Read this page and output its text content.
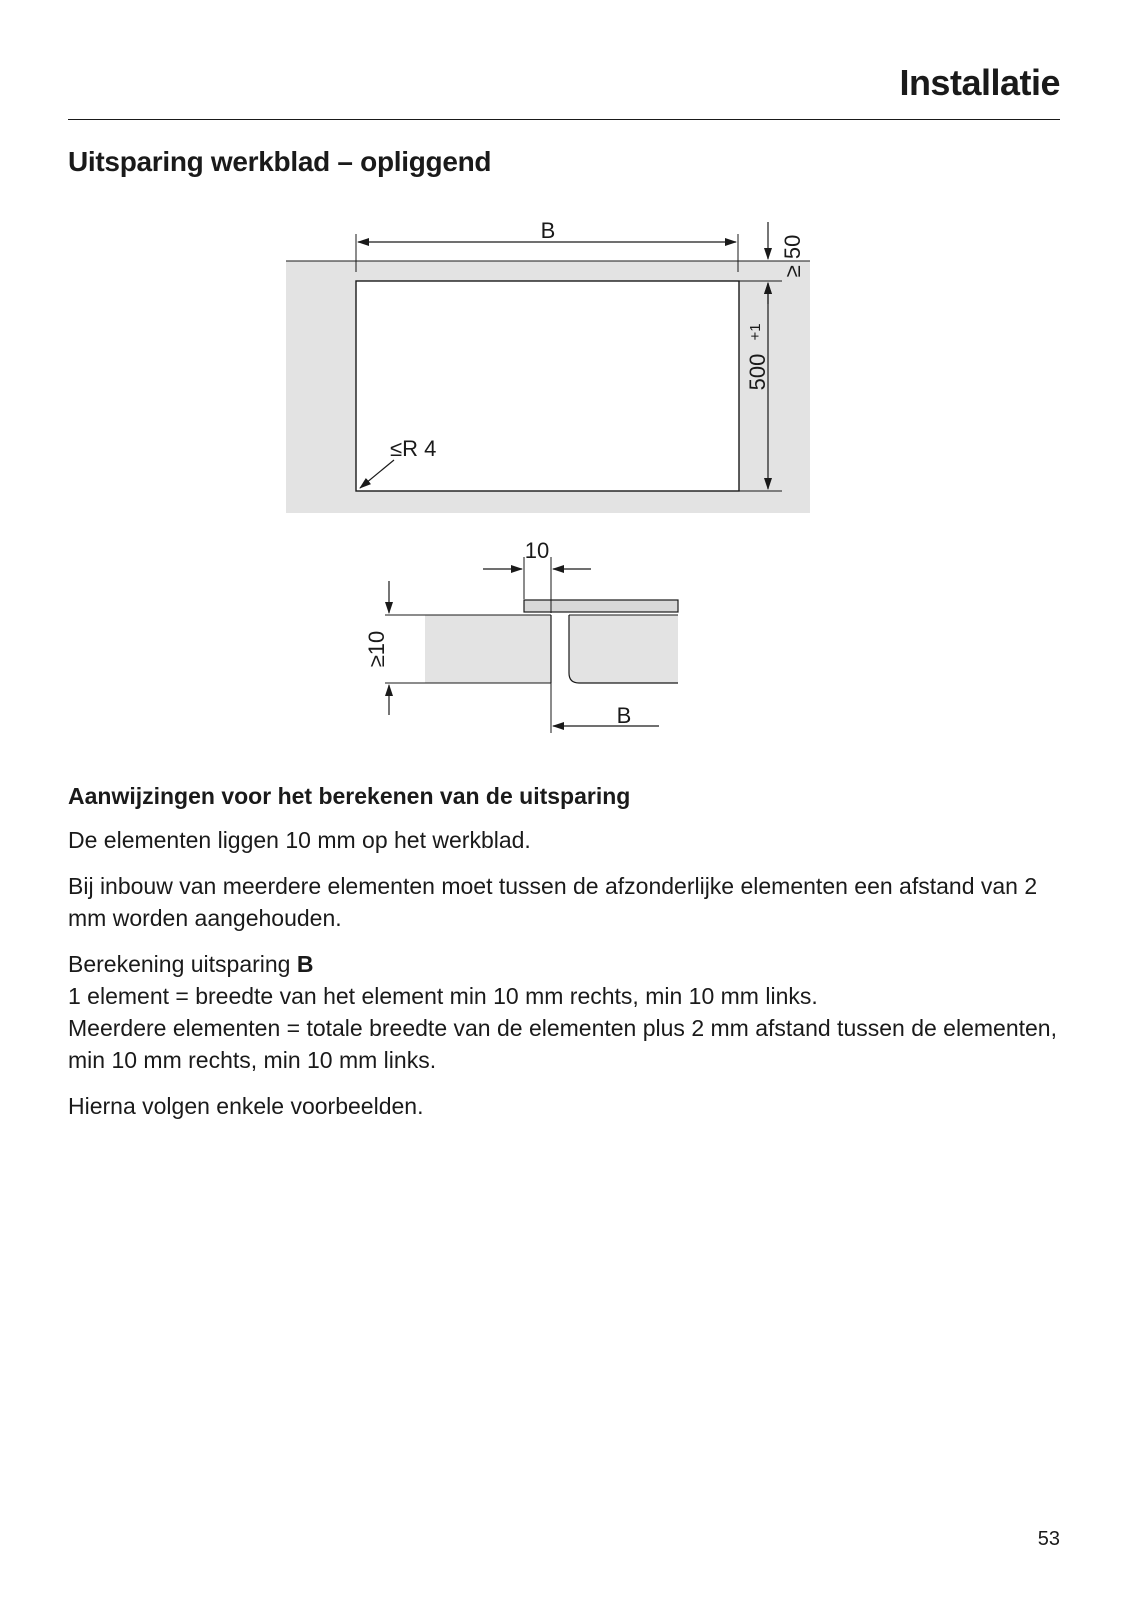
Installatie
Uitsparing werkblad – opliggend
B
≥ 50
500
+1
≤R 4
10
≥10
B

Aanwijzingen voor het berekenen van de uitsparing

De elementen liggen 10 mm op het werkblad.

Bij inbouw van meerdere elementen moet tussen de afzonderlijke elementen een afstand van 2 mm worden aangehouden.

Berekening uitsparing B
1 element = breedte van het element min 10 mm rechts, min 10 mm links.
Meerdere elementen = totale breedte van de elementen plus 2 mm afstand tussen de elementen, min 10 mm rechts, min 10 mm links.

Hierna volgen enkele voorbeelden.

53
